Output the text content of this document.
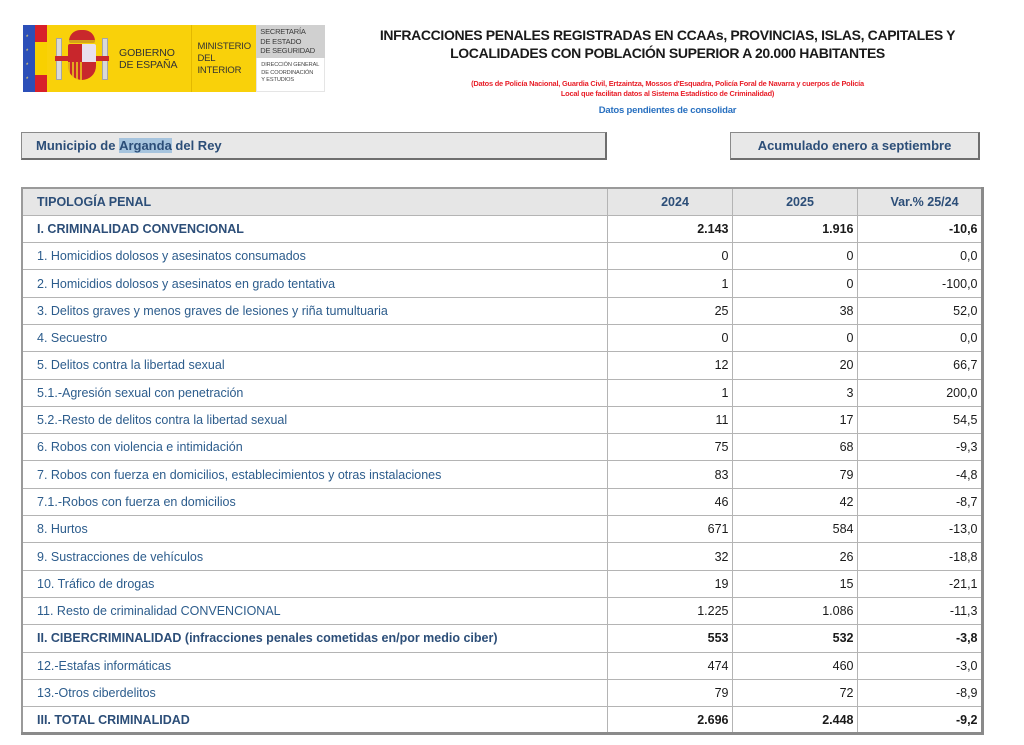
*
*
*
*
GOBIERNO
DE ESPAÑA
MINISTERIO
DEL INTERIOR
SECRETARÍA
DE ESTADO
DE SEGURIDAD
DIRECCIÓN GENERAL
DE COORDINACIÓN
Y ESTUDIOS
INFRACCIONES PENALES REGISTRADAS EN CCAAs, PROVINCIAS, ISLAS, CAPITALES Y
LOCALIDADES CON POBLACIÓN SUPERIOR A 20.000 HABITANTES
(Datos de Policía Nacional, Guardia Civil, Ertzaintza, Mossos d'Esquadra, Policía Foral de Navarra y cuerpos de Policía
Local que facilitan datos al Sistema Estadístico de Criminalidad)
Datos pendientes de consolidar
Municipio de Arganda del Rey	Acumulado enero a septiembre
TIPOLOGÍA PENAL	2024	2025	Var.% 25/24
I. CRIMINALIDAD CONVENCIONAL	2.143	1.916	-10,6
1. Homicidios dolosos y asesinatos consumados	0	0	0,0
2. Homicidios dolosos y asesinatos en grado tentativa	1	0	-100,0
3. Delitos graves y menos graves de lesiones y riña tumultuaria	25	38	52,0
4. Secuestro	0	0	0,0
5. Delitos contra la libertad sexual	12	20	66,7
5.1.-Agresión sexual con penetración	1	3	200,0
5.2.-Resto de delitos contra la libertad sexual	11	17	54,5
6. Robos con violencia e intimidación	75	68	-9,3
7. Robos con fuerza en domicilios, establecimientos y otras instalaciones	83	79	-4,8
7.1.-Robos con fuerza en domicilios	46	42	-8,7
8. Hurtos	671	584	-13,0
9. Sustracciones de vehículos	32	26	-18,8
10. Tráfico de drogas	19	15	-21,1
11. Resto de criminalidad CONVENCIONAL	1.225	1.086	-11,3
II. CIBERCRIMINALIDAD (infracciones penales cometidas en/por medio ciber)	553	532	-3,8
12.-Estafas informáticas	474	460	-3,0
13.-Otros ciberdelitos	79	72	-8,9
III. TOTAL CRIMINALIDAD	2.696	2.448	-9,2
